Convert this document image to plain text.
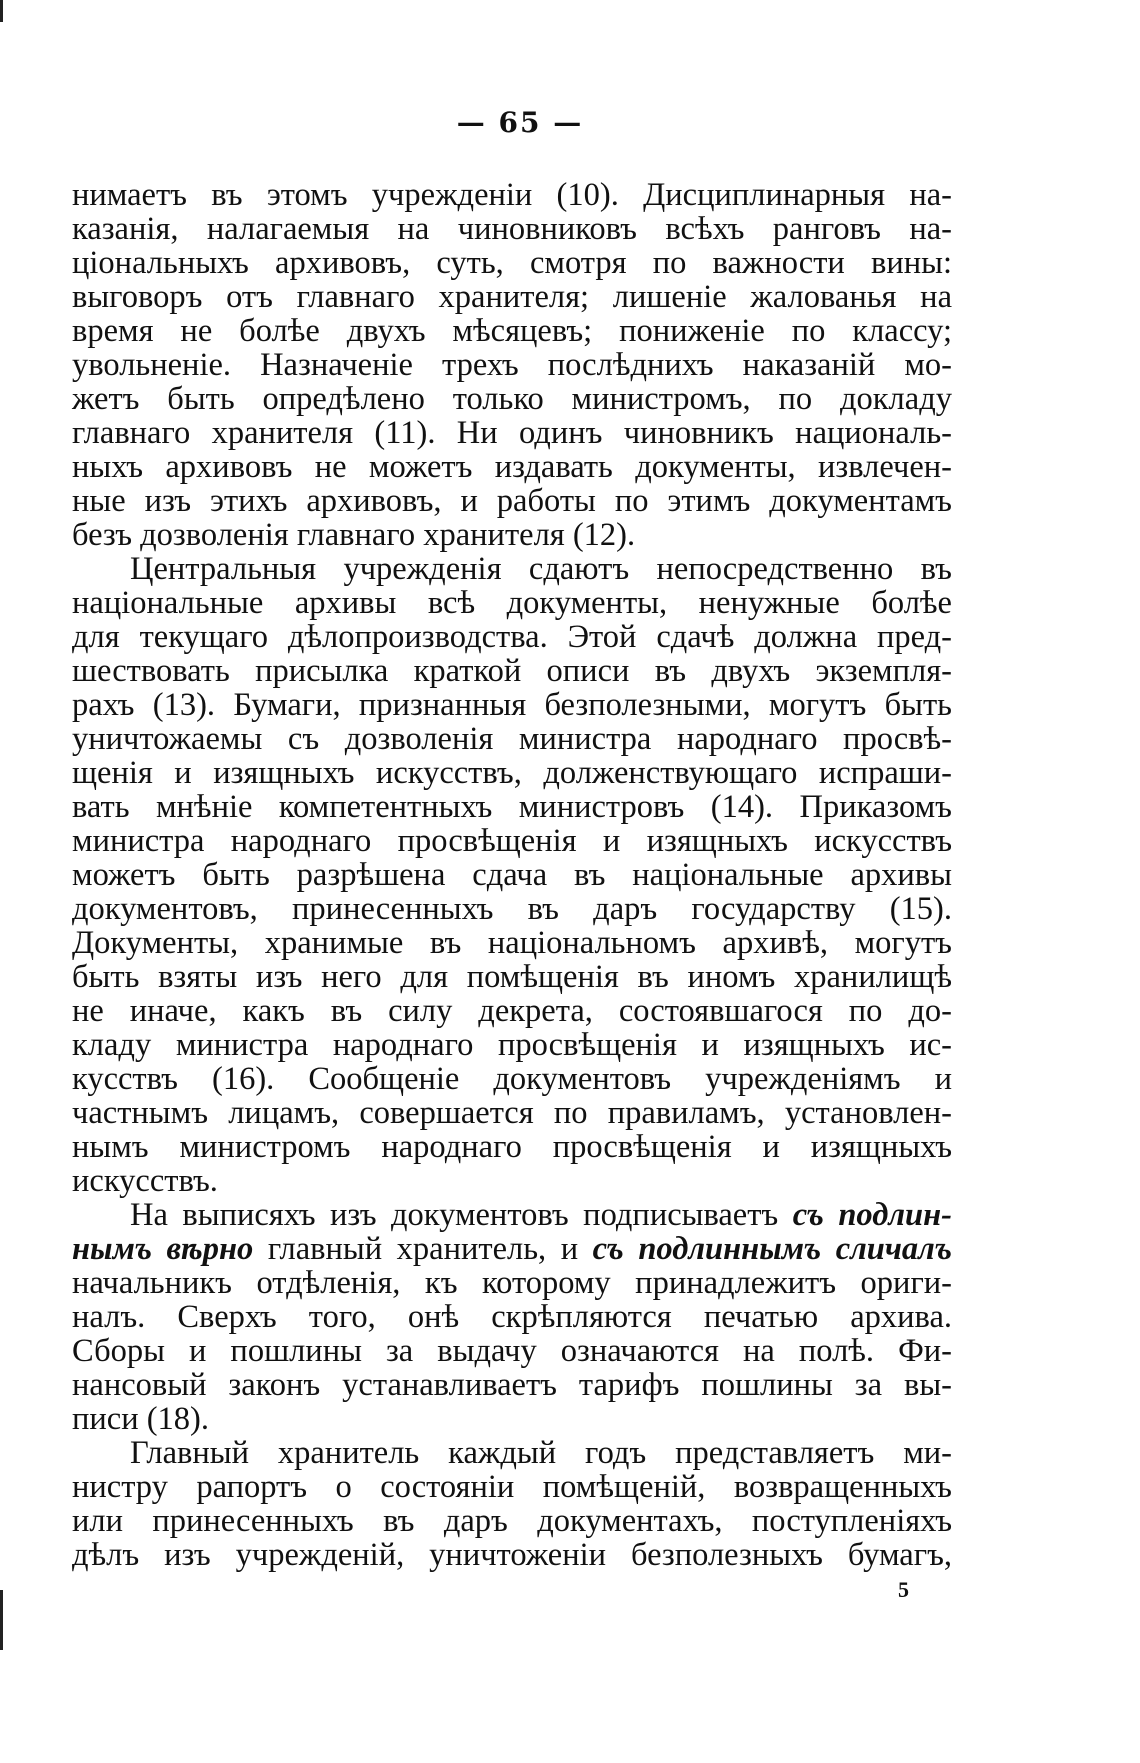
— 65 —
нимаетъ въ этомъ учрежденіи (10). Дисциплинарныя на-
казанія, налагаемыя на чиновниковъ всѣхъ ранговъ на-
ціональныхъ архивовъ, суть, смотря по важности вины:
выговоръ отъ главнаго хранителя; лишеніе жалованья на
время не болѣе двухъ мѣсяцевъ; пониженіе по классу;
увольненіе. Назначеніе трехъ послѣднихъ наказаній мо-
жетъ быть опредѣлено только министромъ, по докладу
главнаго хранителя (11). Ни одинъ чиновникъ националь-
ныхъ архивовъ не можетъ издавать документы, извлечен-
ные изъ этихъ архивовъ, и работы по этимъ документамъ
безъ дозволенія главнаго хранителя (12).
Центральныя учрежденія сдаютъ непосредственно въ
національные архивы всѣ документы, ненужные болѣе
для текущаго дѣлопроизводства. Этой сдачѣ должна пред-
шествовать присылка краткой описи въ двухъ экземпля-
рахъ (13). Бумаги, признанныя безполезными, могутъ быть
уничтожаемы съ дозволенія министра народнаго просвѣ-
щенія и изящныхъ искусствъ, долженствующаго испраши-
вать мнѣніе компетентныхъ министровъ (14). Приказомъ
министра народнаго просвѣщенія и изящныхъ искусствъ
можетъ быть разрѣшена сдача въ національные архивы
документовъ, принесенныхъ въ даръ государству (15).
Документы, хранимые въ національномъ архивѣ, могутъ
быть взяты изъ него для помѣщенія въ иномъ хранилищѣ
не иначе, какъ въ силу декрета, состоявшагося по до-
кладу министра народнаго просвѣщенія и изящныхъ ис-
кусствъ (16). Сообщеніе документовъ учрежденіямъ и
частнымъ лицамъ, совершается по правиламъ, установлен-
нымъ министромъ народнаго просвѣщенія и изящныхъ
искусствъ.
На выписяхъ изъ документовъ подписываетъ съ подлин-
нымъ вѣрно главный хранитель, и съ подлиннымъ сличалъ
начальникъ отдѣленія, къ которому принадлежитъ ориги-
налъ. Сверхъ того, онѣ скрѣпляются печатью архива.
Сборы и пошлины за выдачу означаются на полѣ. Фи-
нансовый законъ устанавливаетъ тарифъ пошлины за вы-
писи (18).
Главный хранитель каждый годъ представляетъ ми-
нистру рапортъ о состояніи помѣщеній, возвращенныхъ
или принесенныхъ въ даръ документахъ, поступленіяхъ
дѣлъ изъ учрежденій, уничтоженіи безполезныхъ бумагъ,
5
